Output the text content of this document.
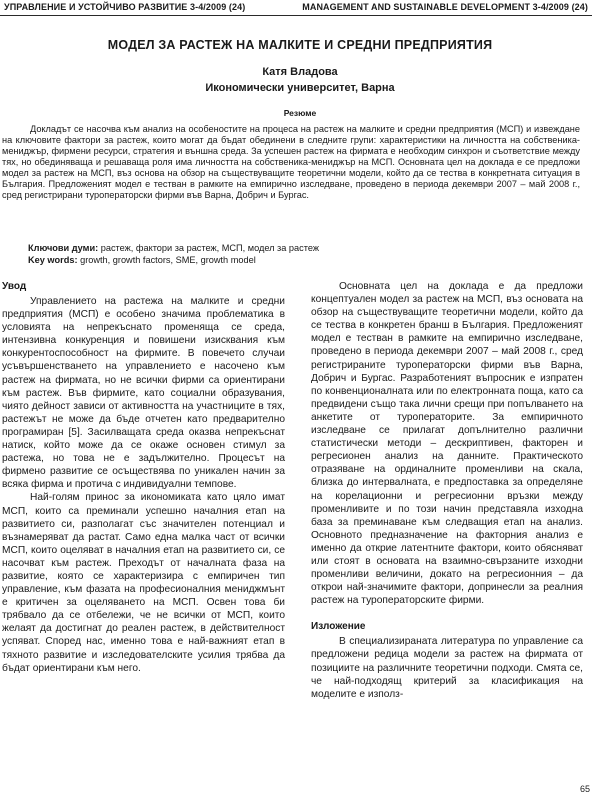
УПРАВЛЕНИЕ И УСТОЙЧИВО РАЗВИТИЕ 3-4/2009 (24)	MANAGEMENT AND SUSTAINABLE DEVELOPMENT 3-4/2009 (24)
МОДЕЛ ЗА РАСТЕЖ НА МАЛКИТЕ И СРЕДНИ ПРЕДПРИЯТИЯ
Катя Владова
Икономически университет, Варна
Резюме

Докладът се насочва към анализ на особеностите на процеса на растеж на малките и средни предприятия (МСП) и извеждане на ключовите фактори за растеж, които могат да бъдат обединени в следните групи: характеристики на личността на собственика-мениджър, фирмени ресурси, стратегия и външна среда. За успешен растеж на фирмата е необходим синхрон и съответствие между тях, но обединяваща и решаваща роля има личността на собственика-мениджър на МСП. Основната цел на доклада е се предложи модел за растеж на МСП, въз основа на обзор на съществуващите теоретични модели, който да се тества в конкретната ситуация в България. Предложеният модел е тестван в рамките на емпирично изследване, проведено в периода декември 2007 – май 2008 г., сред регистрирани туроператорски фирми във Варна, Добрич и Бургас.

Ключови думи: растеж, фактори за растеж, МСП, модел за растеж
Key words: growth, growth factors, SME, growth model
Увод

Управлението на растежа на малките и средни предприятия (МСП) е особено значима проблематика в условията на непрекъснато променяща се среда, интензивна конкуренция и повишени изисквания към конкурентоспособност на фирмите. В повечето случаи усъвършенстването на управлението е насочено към растеж на фирмата, но не всички фирми са ориентирани към растеж. Във фирмите, като социални образувания, чиято дейност зависи от активността на участниците в тях, растежът не може да бъде отчетен като предварително програмиран [5]. Засилващата среда оказва непрекъснат натиск, който може да се окаже основен стимул за растежа, но това не е задължително. Процесът на фирмено развитие се осъществява по уникален начин за всяка фирма и протича с индивидуални темпове.

Най-голям принос за икономиката като цяло имат МСП, които са преминали успешно началния етап на развитието си, разполагат със значителен потенциал и възнамеряват да растат. Само една малка част от всички МСП, които оцеляват в началния етап на развитието си, се насочват към растеж. Преходът от началната фаза на развитие, която се характеризира с емпиричен тип управление, към фазата на професионалния мениджмънт е критичен за оцеляването на МСП. Освен това би трябвало да се отбележи, че не всички от МСП, които желаят да достигнат до реален растеж, в действителност успяват. Според нас, именно това е най-важният етап в тяхното развитие и изследователските усилия трябва да бъдат ориентирани към него.

Основната цел на доклада е да предложи концептуален модел за растеж на МСП, въз основата на обзор на съществуващите теоретични модели, който да се тества в конкретен бранш в България. Предложеният модел е тестван в рамките на емпирично изследване, проведено в периода декември 2007 – май 2008 г., сред регистрираните туроператорски фирми във Варна, Добрич и Бургас. Разработеният въпросник е изпратен по конвенционалната или по електронната поща, като са предвидени също така лични срещи при попълването на анкетите от туроператорите. За емпиричното изследване се прилагат допълнително различни статистически методи – дескриптивен, факторен и регресионен анализ на данните. Практическото отразяване на ординалните променливи на скала, близка до интервалната, е предпоставка за определяне на корелационни и регресионни връзки между променливите и по този начин представяла изходна база за преминаване към следващия етап на анализ. Основното предназначение на факторния анализ е именно да открие латентните фактори, които обясняват или стоят в основата на взаимно-свързаните изходни променливи величини, докато на регресионния – да открои най-значимите фактори, допринесли за реалния растеж на туроператорските фирми.

Изложение

В специализираната литература по управление са предложени редица модели за растеж на фирмата от позициите на различните теоретични подходи. Смята се, че най-подходящ критерий за класификация на моделите е използ-

65
